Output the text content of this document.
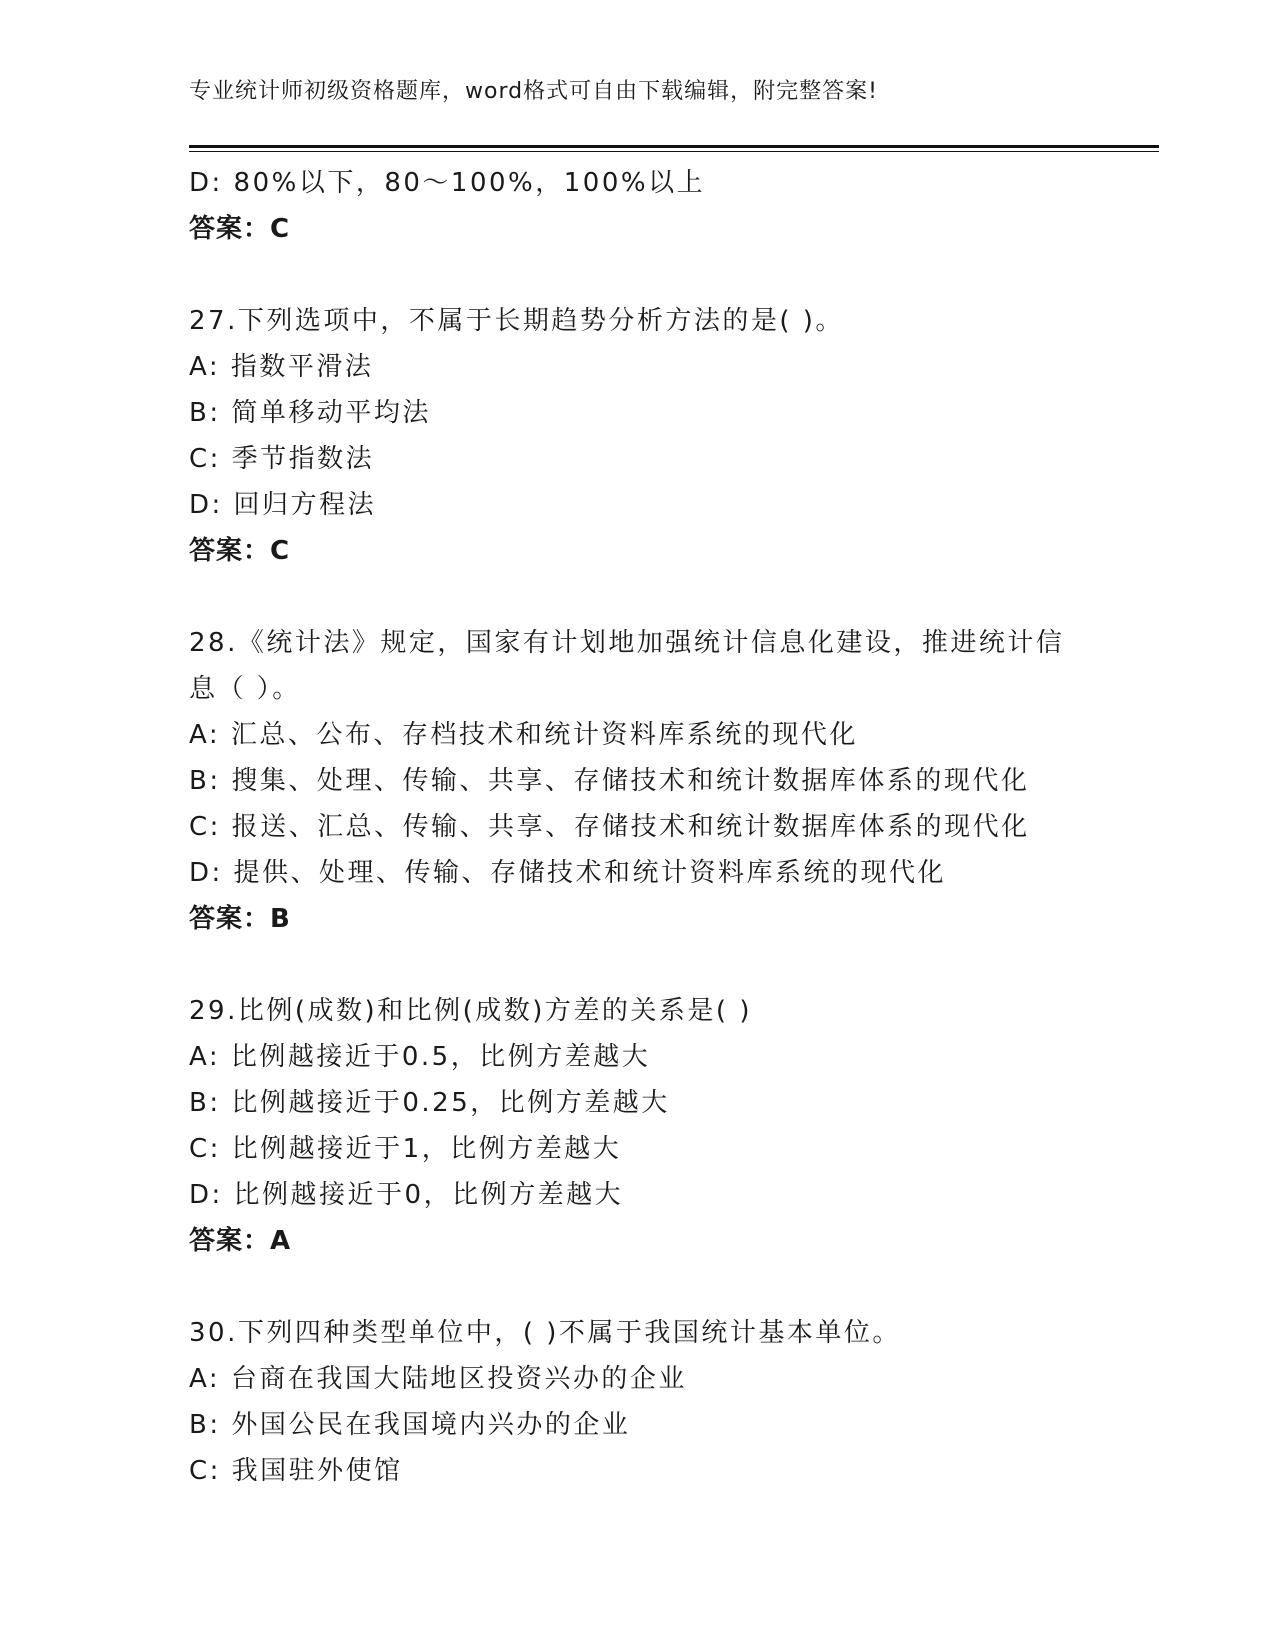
专业统计师初级资格题库，word格式可自由下载编辑，附完整答案!
D: 80%以下，80～100%，100%以上
答案：C
27.下列选项中，不属于长期趋势分析方法的是( )。
A: 指数平滑法
B: 简单移动平均法
C: 季节指数法
D: 回归方程法
答案：C
28.《统计法》规定，国家有计划地加强统计信息化建设，推进统计信
息（ ）。
A: 汇总、公布、存档技术和统计资料库系统的现代化
B: 搜集、处理、传输、共享、存储技术和统计数据库体系的现代化
C: 报送、汇总、传输、共享、存储技术和统计数据库体系的现代化
D: 提供、处理、传输、存储技术和统计资料库系统的现代化
答案：B
29.比例(成数)和比例(成数)方差的关系是( )
A: 比例越接近于0.5，比例方差越大
B: 比例越接近于0.25，比例方差越大
C: 比例越接近于1，比例方差越大
D: 比例越接近于0，比例方差越大
答案：A
30.下列四种类型单位中，( )不属于我国统计基本单位。
A: 台商在我国大陆地区投资兴办的企业
B: 外国公民在我国境内兴办的企业
C: 我国驻外使馆
